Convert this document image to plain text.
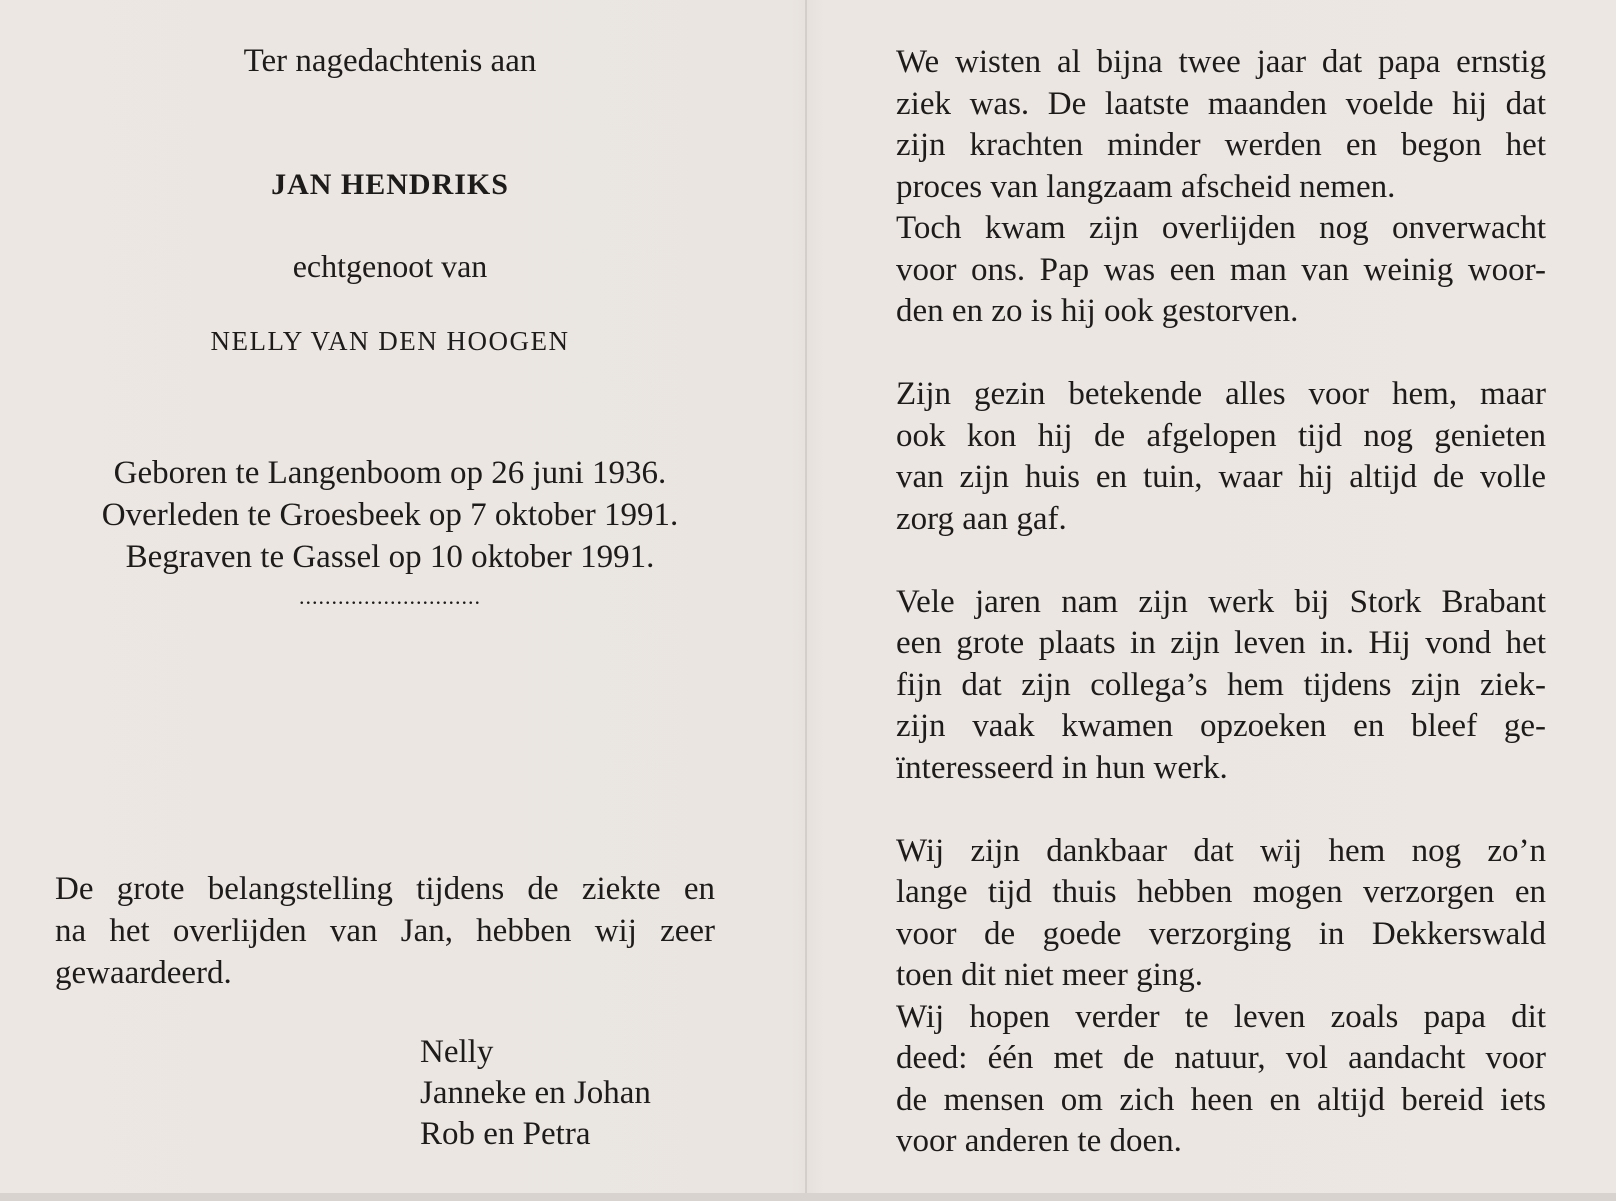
Ter nagedachtenis aan
JAN HENDRIKS
echtgenoot van
NELLY VAN DEN HOOGEN
Geboren te Langenboom op 26 juni 1936.
Overleden te Groesbeek op 7 oktober 1991.
Begraven te Gassel op 10 oktober 1991.
............................
De grote belangstelling tijdens de ziekte en
na het overlijden van Jan, hebben wij zeer
gewaardeerd.
Nelly
Janneke en Johan
Rob en Petra
We wisten al bijna twee jaar dat papa ernstig
ziek was. De laatste maanden voelde hij dat
zijn krachten minder werden en begon het
proces van langzaam afscheid nemen.
Toch kwam zijn overlijden nog onverwacht
voor ons. Pap was een man van weinig woor-
den en zo is hij ook gestorven.
Zijn gezin betekende alles voor hem, maar
ook kon hij de afgelopen tijd nog genieten
van zijn huis en tuin, waar hij altijd de volle
zorg aan gaf.
Vele jaren nam zijn werk bij Stork Brabant
een grote plaats in zijn leven in. Hij vond het
fijn dat zijn collega’s hem tijdens zijn ziek-
zijn vaak kwamen opzoeken en bleef ge-
ïnteresseerd in hun werk.
Wij zijn dankbaar dat wij hem nog zo’n
lange tijd thuis hebben mogen verzorgen en
voor de goede verzorging in Dekkerswald
toen dit niet meer ging.
Wij hopen verder te leven zoals papa dit
deed: één met de natuur, vol aandacht voor
de mensen om zich heen en altijd bereid iets
voor anderen te doen.
